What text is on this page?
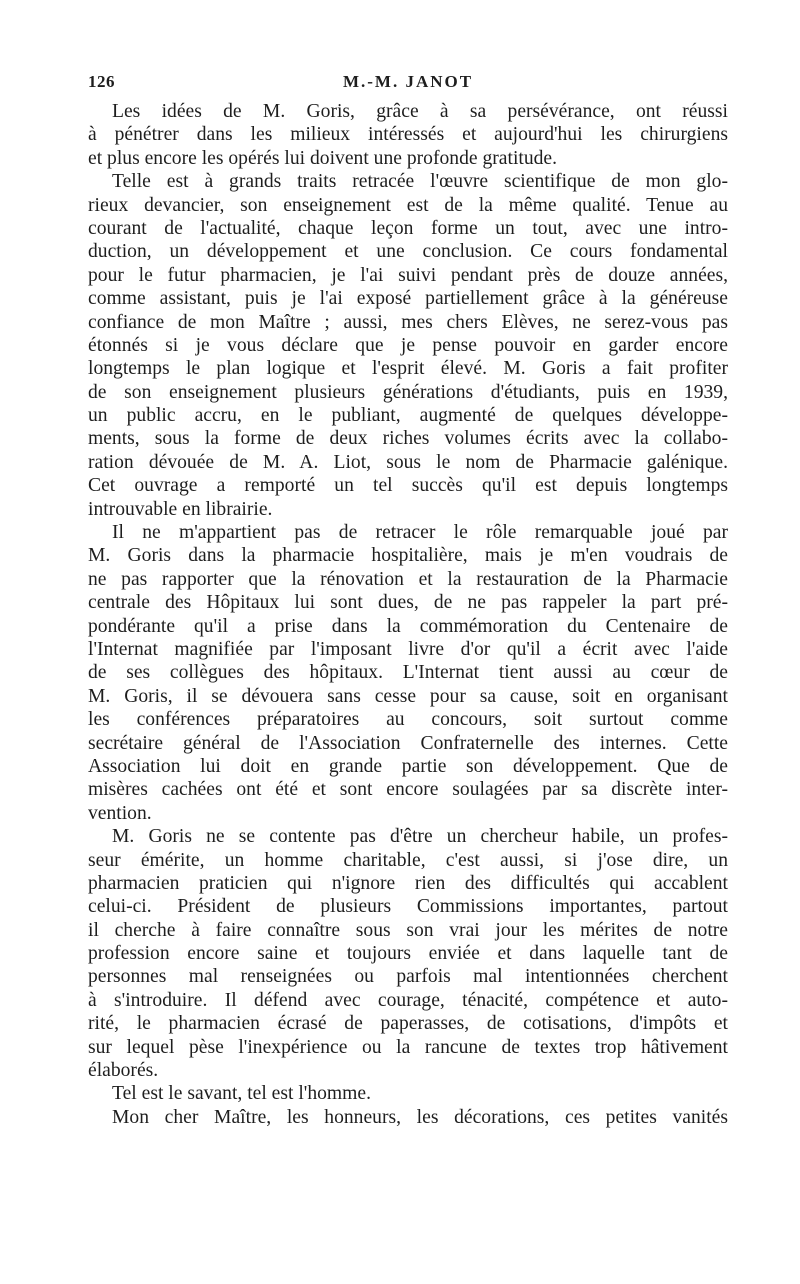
126	M.-M. JANOT

Les idées de M. Goris, grâce à sa persévérance, ont réussi
à pénétrer dans les milieux intéressés et aujourd'hui les chirurgiens
et plus encore les opérés lui doivent une profonde gratitude.

Telle est à grands traits retracée l'œuvre scientifique de mon glo-
rieux devancier, son enseignement est de la même qualité. Tenue au
courant de l'actualité, chaque leçon forme un tout, avec une intro-
duction, un développement et une conclusion. Ce cours fondamental
pour le futur pharmacien, je l'ai suivi pendant près de douze années,
comme assistant, puis je l'ai exposé partiellement grâce à la généreuse
confiance de mon Maître ; aussi, mes chers Elèves, ne serez-vous pas
étonnés si je vous déclare que je pense pouvoir en garder encore
longtemps le plan logique et l'esprit élevé. M. Goris a fait profiter
de son enseignement plusieurs générations d'étudiants, puis en 1939,
un public accru, en le publiant, augmenté de quelques développe-
ments, sous la forme de deux riches volumes écrits avec la collabo-
ration dévouée de M. A. Liot, sous le nom de Pharmacie galénique.
Cet ouvrage a remporté un tel succès qu'il est depuis longtemps
introuvable en librairie.

Il ne m'appartient pas de retracer le rôle remarquable joué par
M. Goris dans la pharmacie hospitalière, mais je m'en voudrais de
ne pas rapporter que la rénovation et la restauration de la Pharmacie
centrale des Hôpitaux lui sont dues, de ne pas rappeler la part pré-
pondérante qu'il a prise dans la commémoration du Centenaire de
l'Internat magnifiée par l'imposant livre d'or qu'il a écrit avec l'aide
de ses collègues des hôpitaux. L'Internat tient aussi au cœur de
M. Goris, il se dévouera sans cesse pour sa cause, soit en organisant
les conférences préparatoires au concours, soit surtout comme
secrétaire général de l'Association Confraternelle des internes. Cette
Association lui doit en grande partie son développement. Que de
misères cachées ont été et sont encore soulagées par sa discrète inter-
vention.

M. Goris ne se contente pas d'être un chercheur habile, un profes-
seur émérite, un homme charitable, c'est aussi, si j'ose dire, un
pharmacien praticien qui n'ignore rien des difficultés qui accablent
celui-ci. Président de plusieurs Commissions importantes, partout
il cherche à faire connaître sous son vrai jour les mérites de notre
profession encore saine et toujours enviée et dans laquelle tant de
personnes mal renseignées ou parfois mal intentionnées cherchent
à s'introduire. Il défend avec courage, ténacité, compétence et auto-
rité, le pharmacien écrasé de paperasses, de cotisations, d'impôts et
sur lequel pèse l'inexpérience ou la rancune de textes trop hâtivement
élaborés.

Tel est le savant, tel est l'homme.

Mon cher Maître, les honneurs, les décorations, ces petites vanités
